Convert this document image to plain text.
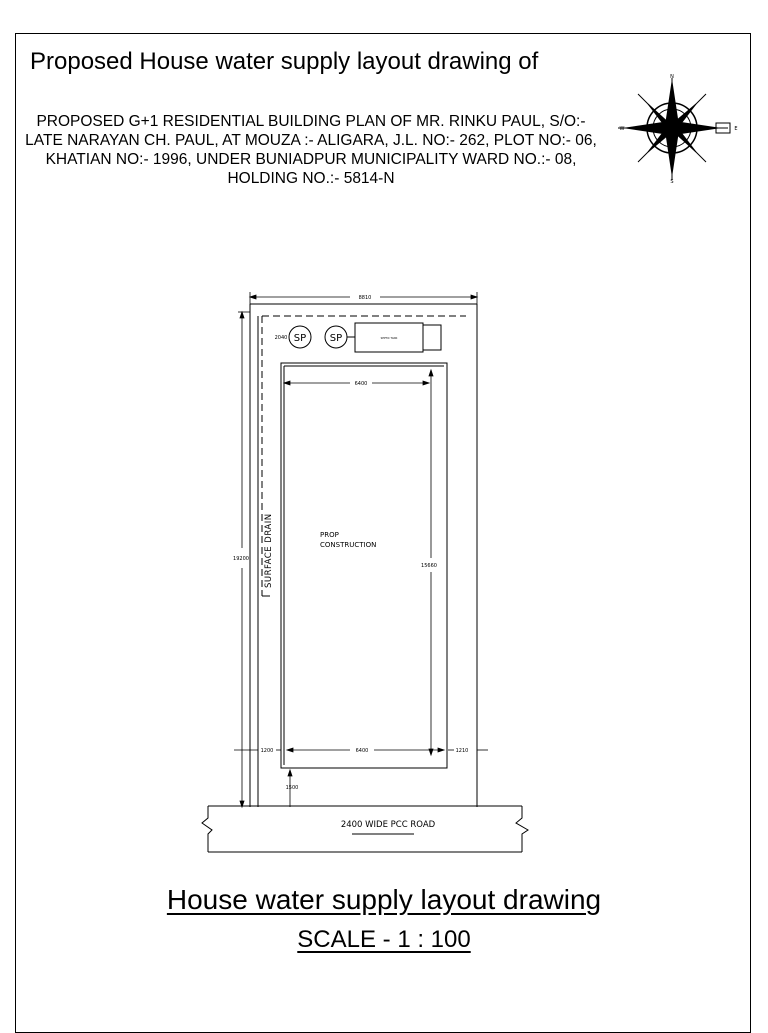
Proposed House water supply layout drawing of
PROPOSED G+1 RESIDENTIAL BUILDING PLAN OF MR. RINKU PAUL, S/O:- LATE NARAYAN CH. PAUL, AT MOUZA :- ALIGARA, J.L. NO:- 262, PLOT NO:- 06, KHATIAN NO:- 1996, UNDER BUNIADPUR MUNICIPALITY WARD NO.:- 08, HOLDING NO.:- 5814-N
N
S
W	E
8810
19200
2040 SP SP	SEPTIC TANK
6400
15660
PROP
CONSTRUCTION
SURFACE DRAIN
1200	6400	1210
1500
2400 WIDE PCC ROAD
House water supply layout drawing
SCALE - 1 : 100
